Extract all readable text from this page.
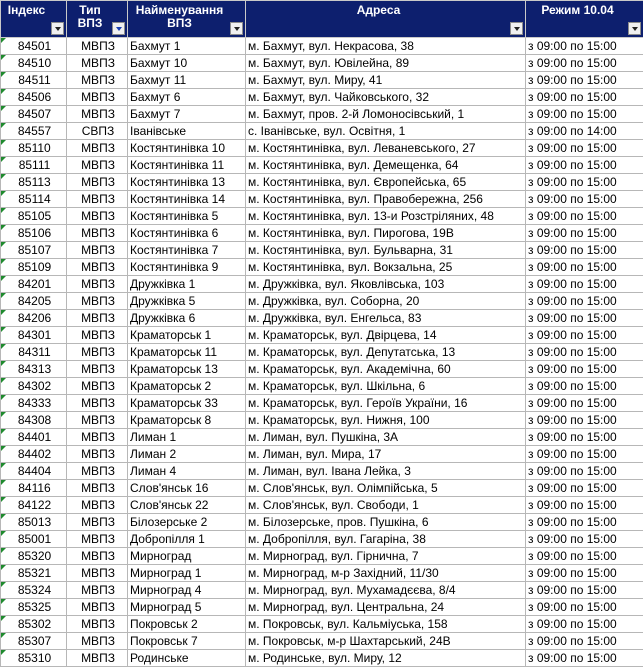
Індекс	Тип ВПЗ	Найменування ВПЗ	Адреса	Режим 10.04

84501	МВПЗ	Бахмут 1	м. Бахмут, вул. Некрасова, 38	з 09:00 по 15:00

84510	МВПЗ	Бахмут 10	м. Бахмут, вул. Ювілейна, 89	з 09:00 по 15:00

84511	МВПЗ	Бахмут 11	м. Бахмут, вул. Миру, 41	з 09:00 по 15:00

84506	МВПЗ	Бахмут 6	м. Бахмут, вул. Чайковського, 32	з 09:00 по 15:00

84507	МВПЗ	Бахмут 7	м. Бахмут, пров. 2-й Ломоносівський, 1	з 09:00 по 15:00

84557	СВПЗ	Іванівське	с. Іванівське, вул. Освітня, 1	з 09:00 по 14:00

85110	МВПЗ	Костянтинівка 10	м. Костянтинівка, вул. Леваневського, 27	з 09:00 по 15:00

85111	МВПЗ	Костянтинівка 11	м. Костянтинівка, вул. Демещенка, 64	з 09:00 по 15:00

85113	МВПЗ	Костянтинівка 13	м. Костянтинівка, вул. Європейська, 65	з 09:00 по 15:00

85114	МВПЗ	Костянтинівка 14	м. Костянтинівка, вул. Правобережна, 256	з 09:00 по 15:00

85105	МВПЗ	Костянтинівка 5	м. Костянтинівка, вул. 13-и Розстріляних, 48	з 09:00 по 15:00

85106	МВПЗ	Костянтинівка 6	м. Костянтинівка, вул. Пирогова, 19В	з 09:00 по 15:00

85107	МВПЗ	Костянтинівка 7	м. Костянтинівка, вул. Бульварна, 31	з 09:00 по 15:00

85109	МВПЗ	Костянтинівка 9	м. Костянтинівка, вул. Вокзальна, 25	з 09:00 по 15:00

84201	МВПЗ	Дружківка 1	м. Дружківка, вул. Яковлівська, 103	з 09:00 по 15:00

84205	МВПЗ	Дружківка 5	м. Дружківка, вул. Соборна, 20	з 09:00 по 15:00

84206	МВПЗ	Дружківка 6	м. Дружківка, вул. Енгельса, 83	з 09:00 по 15:00

84301	МВПЗ	Краматорськ 1	м. Краматорськ, вул. Двірцева, 14	з 09:00 по 15:00

84311	МВПЗ	Краматорськ 11	м. Краматорськ, вул. Депутатська, 13	з 09:00 по 15:00

84313	МВПЗ	Краматорськ 13	м. Краматорськ, вул. Академічна, 60	з 09:00 по 15:00

84302	МВПЗ	Краматорськ 2	м. Краматорськ, вул. Шкільна, 6	з 09:00 по 15:00

84333	МВПЗ	Краматорськ 33	м. Краматорськ, вул. Героїв України, 16	з 09:00 по 15:00

84308	МВПЗ	Краматорськ 8	м. Краматорськ, вул. Нижня, 100	з 09:00 по 15:00

84401	МВПЗ	Лиман 1	м. Лиман, вул. Пушкіна, 3А	з 09:00 по 15:00

84402	МВПЗ	Лиман 2	м. Лиман, вул. Мира, 17	з 09:00 по 15:00

84404	МВПЗ	Лиман 4	м. Лиман, вул. Івана Лейка, 3	з 09:00 по 15:00

84116	МВПЗ	Слов'янськ 16	м. Слов'янськ, вул. Олімпійська, 5	з 09:00 по 15:00

84122	МВПЗ	Слов'янськ 22	м. Слов'янськ, вул. Свободи, 1	з 09:00 по 15:00

85013	МВПЗ	Білозерське 2	м. Білозерське, пров. Пушкіна, 6	з 09:00 по 15:00

85001	МВПЗ	Добропілля 1	м. Добропілля, вул. Гагаріна, 38	з 09:00 по 15:00

85320	МВПЗ	Мирноград	м. Мирноград, вул. Гірнична, 7	з 09:00 по 15:00

85321	МВПЗ	Мирноград 1	м. Мирноград, м-р Західний, 11/30	з 09:00 по 15:00

85324	МВПЗ	Мирноград 4	м. Мирноград, вул. Мухамадєєва, 8/4	з 09:00 по 15:00

85325	МВПЗ	Мирноград 5	м. Мирноград, вул. Центральна, 24	з 09:00 по 15:00

85302	МВПЗ	Покровськ 2	м. Покровськ, вул. Кальміуська, 158	з 09:00 по 15:00

85307	МВПЗ	Покровськ 7	м. Покровськ, м-р Шахтарський, 24В	з 09:00 по 15:00

85310	МВПЗ	Родинське	м. Родинське, вул. Миру, 12	з 09:00 по 15:00
